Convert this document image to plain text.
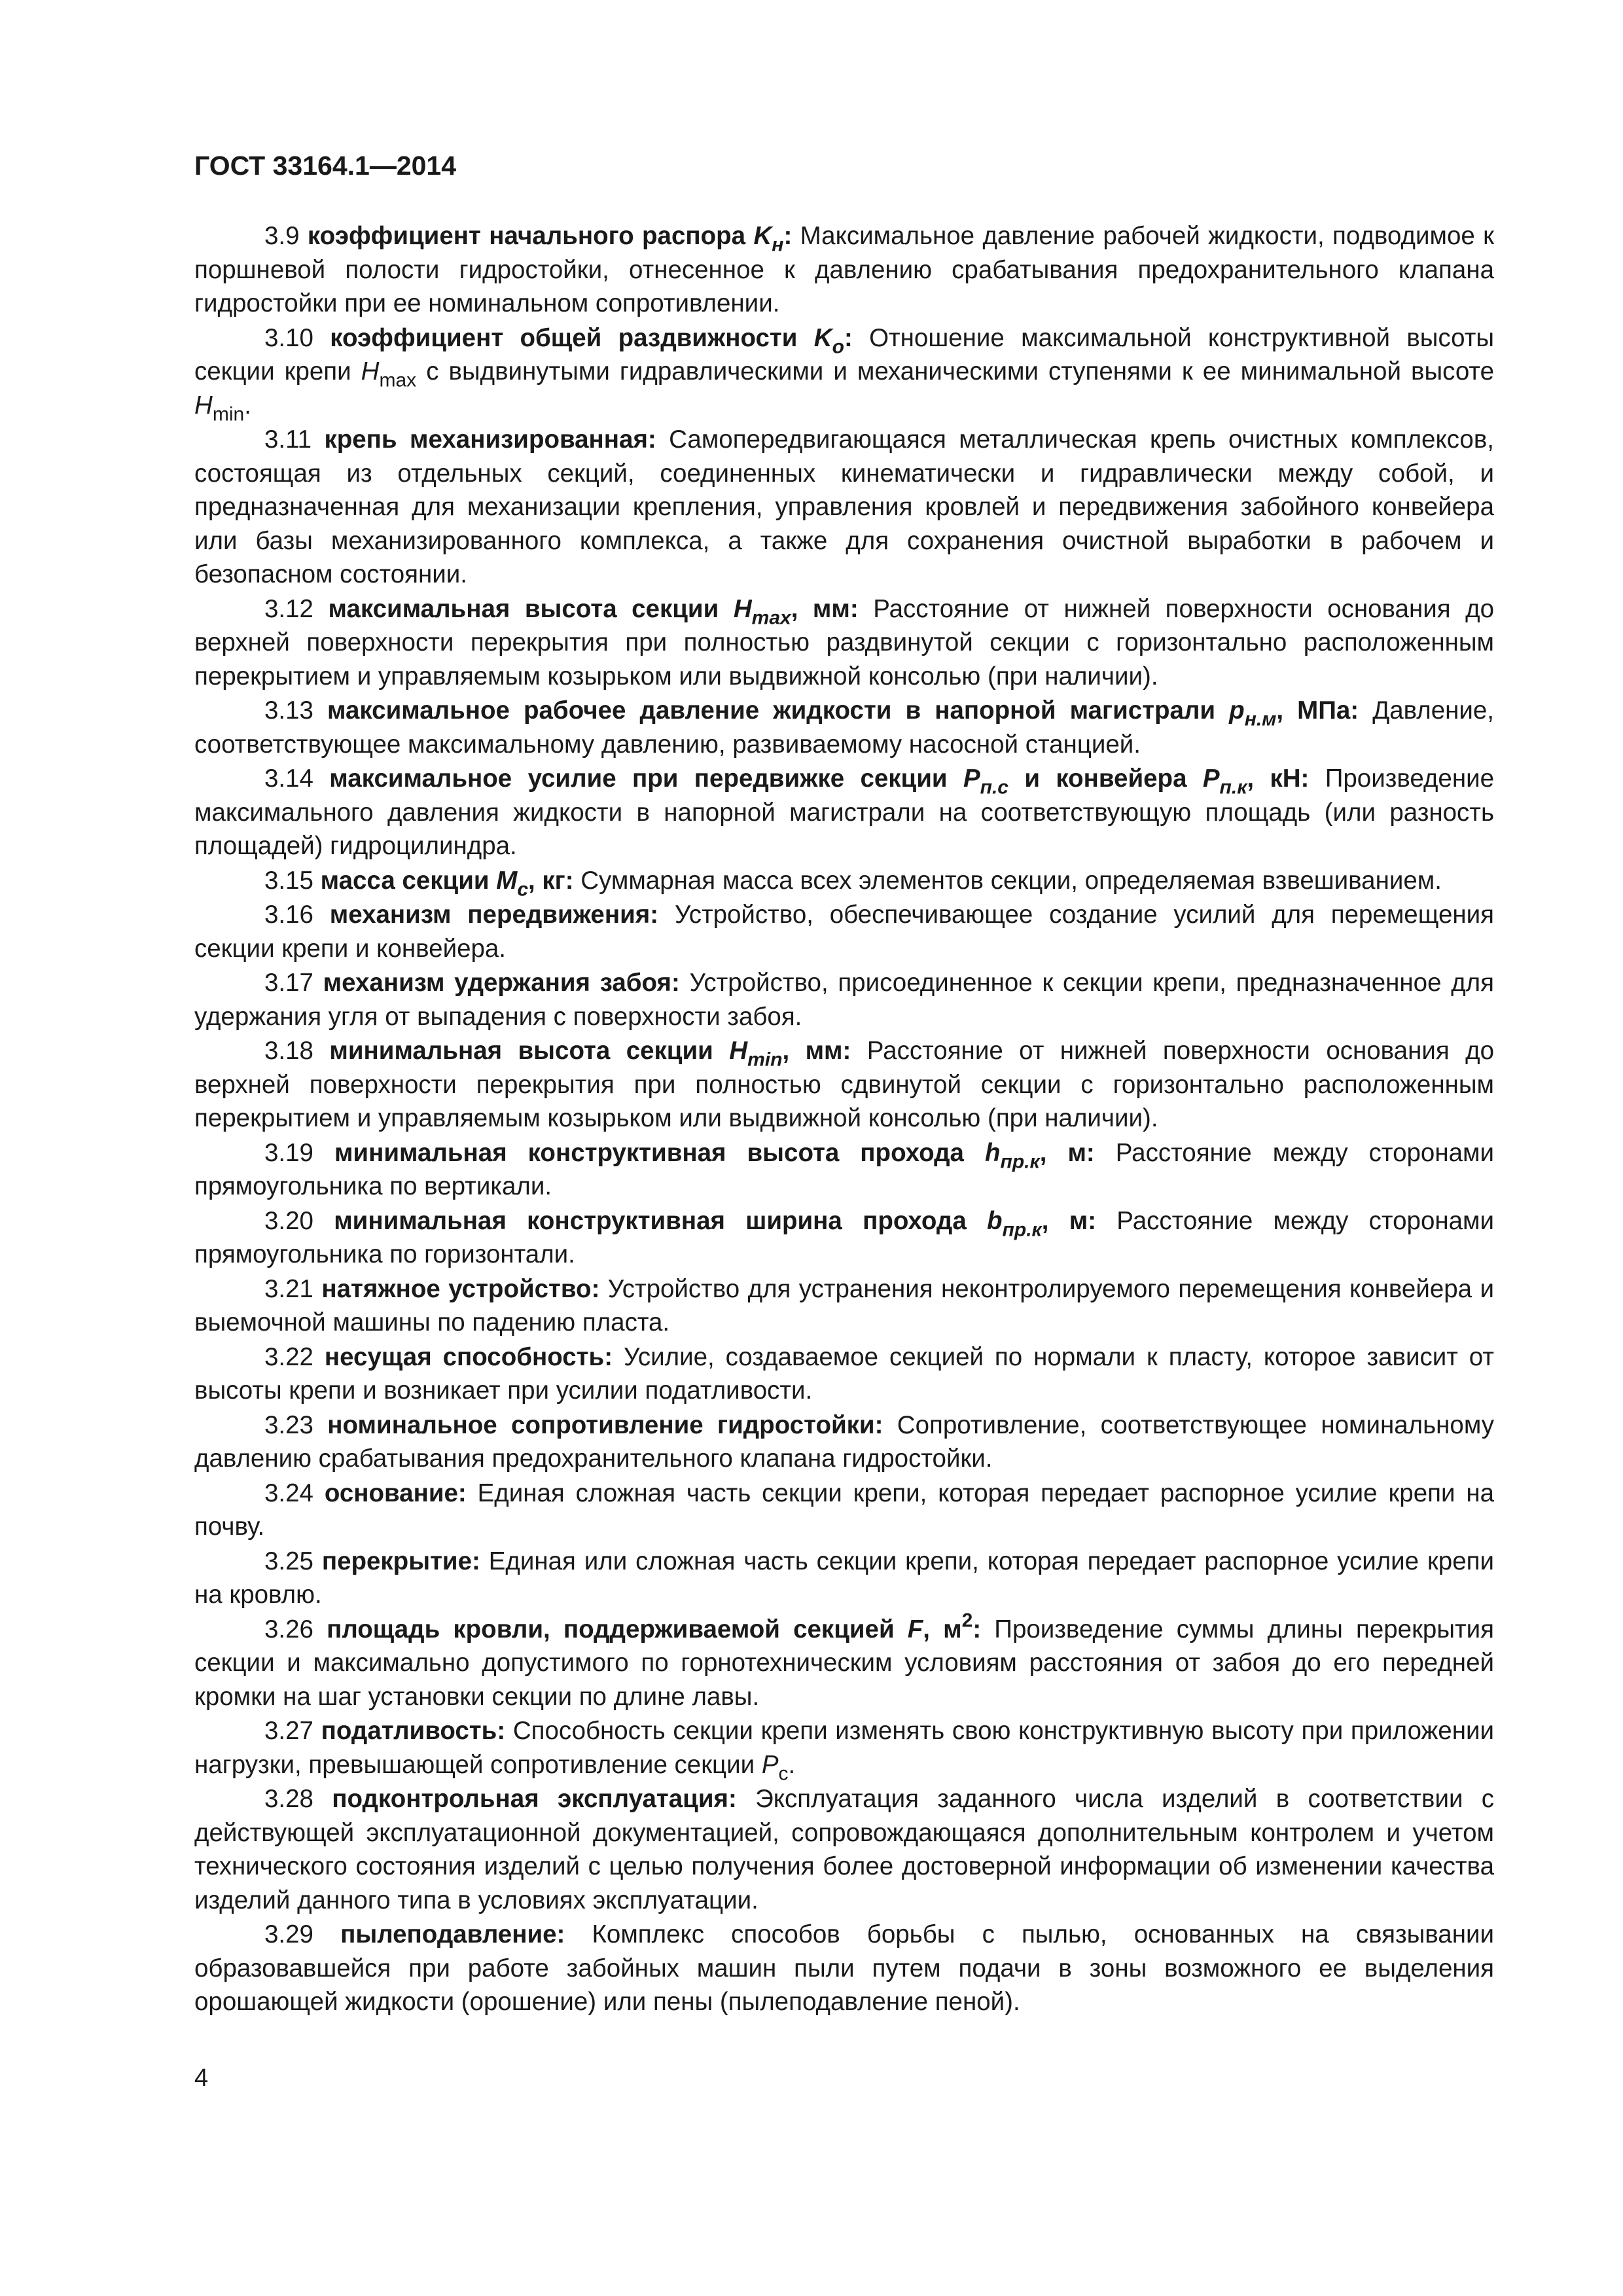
ГОСТ 33164.1—2014

3.9 коэффициент начального распора $K_н$: Максимальное давление рабочей жидкости, подводимое к поршневой полости гидростойки, отнесенное к давлению срабатывания предохранительного клапана гидростойки при ее номинальном сопротивлении.

3.10 коэффициент общей раздвижности $K_о$: Отношение максимальной конструктивной высоты секции крепи $H_{max}$ с выдвинутыми гидравлическими и механическими ступенями к ее минимальной высоте $H_{min}$.

3.11 крепь механизированная: Самопередвигающаяся металлическая крепь очистных комплексов, состоящая из отдельных секций, соединенных кинематически и гидравлически между собой, и предназначенная для механизации крепления, управления кровлей и передвижения забойного конвейера или базы механизированного комплекса, а также для сохранения очистной выработки в рабочем и безопасном состоянии.

3.12 максимальная высота секции $H_{max}$, мм: Расстояние от нижней поверхности основания до верхней поверхности перекрытия при полностью раздвинутой секции с горизонтально расположенным перекрытием и управляемым козырьком или выдвижной консолью (при наличии).

3.13 максимальное рабочее давление жидкости в напорной магистрали $p_{н.м}$, МПа: Давление, соответствующее максимальному давлению, развиваемому насосной станцией.

3.14 максимальное усилие при передвижке секции $P_{п.с}$ и конвейера $P_{п.к}$, кН: Произведение максимального давления жидкости в напорной магистрали на соответствующую площадь (или разность площадей) гидроцилиндра.

3.15 масса секции $M_с$, кг: Суммарная масса всех элементов секции, определяемая взвешиванием.

3.16 механизм передвижения: Устройство, обеспечивающее создание усилий для перемещения секции крепи и конвейера.

3.17 механизм удержания забоя: Устройство, присоединенное к секции крепи, предназначенное для удержания угля от выпадения с поверхности забоя.

3.18 минимальная высота секции $H_{min}$, мм: Расстояние от нижней поверхности основания до верхней поверхности перекрытия при полностью сдвинутой секции с горизонтально расположенным перекрытием и управляемым козырьком или выдвижной консолью (при наличии).

3.19 минимальная конструктивная высота прохода $h_{пр.к}$, м: Расстояние между сторонами прямоугольника по вертикали.

3.20 минимальная конструктивная ширина прохода $b_{пр.к}$, м: Расстояние между сторонами прямоугольника по горизонтали.

3.21 натяжное устройство: Устройство для устранения неконтролируемого перемещения конвейера и выемочной машины по падению пласта.

3.22 несущая способность: Усилие, создаваемое секцией по нормали к пласту, которое зависит от высоты крепи и возникает при усилии податливости.

3.23 номинальное сопротивление гидростойки: Сопротивление, соответствующее номинальному давлению срабатывания предохранительного клапана гидростойки.

3.24 основание: Единая сложная часть секции крепи, которая передает распорное усилие крепи на почву.

3.25 перекрытие: Единая или сложная часть секции крепи, которая передает распорное усилие крепи на кровлю.

3.26 площадь кровли, поддерживаемой секцией F, $м^2$: Произведение суммы длины перекрытия секции и максимально допустимого по горнотехническим условиям расстояния от забоя до его передней кромки на шаг установки секции по длине лавы.

3.27 податливость: Способность секции крепи изменять свою конструктивную высоту при приложении нагрузки, превышающей сопротивление секции $P_с$.

3.28 подконтрольная эксплуатация: Эксплуатация заданного числа изделий в соответствии с действующей эксплуатационной документацией, сопровождающаяся дополнительным контролем и учетом технического состояния изделий с целью получения более достоверной информации об изменении качества изделий данного типа в условиях эксплуатации.

3.29 пылеподавление: Комплекс способов борьбы с пылью, основанных на связывании образовавшейся при работе забойных машин пыли путем подачи в зоны возможного ее выделения орошающей жидкости (орошение) или пены (пылеподавление пеной).

4
